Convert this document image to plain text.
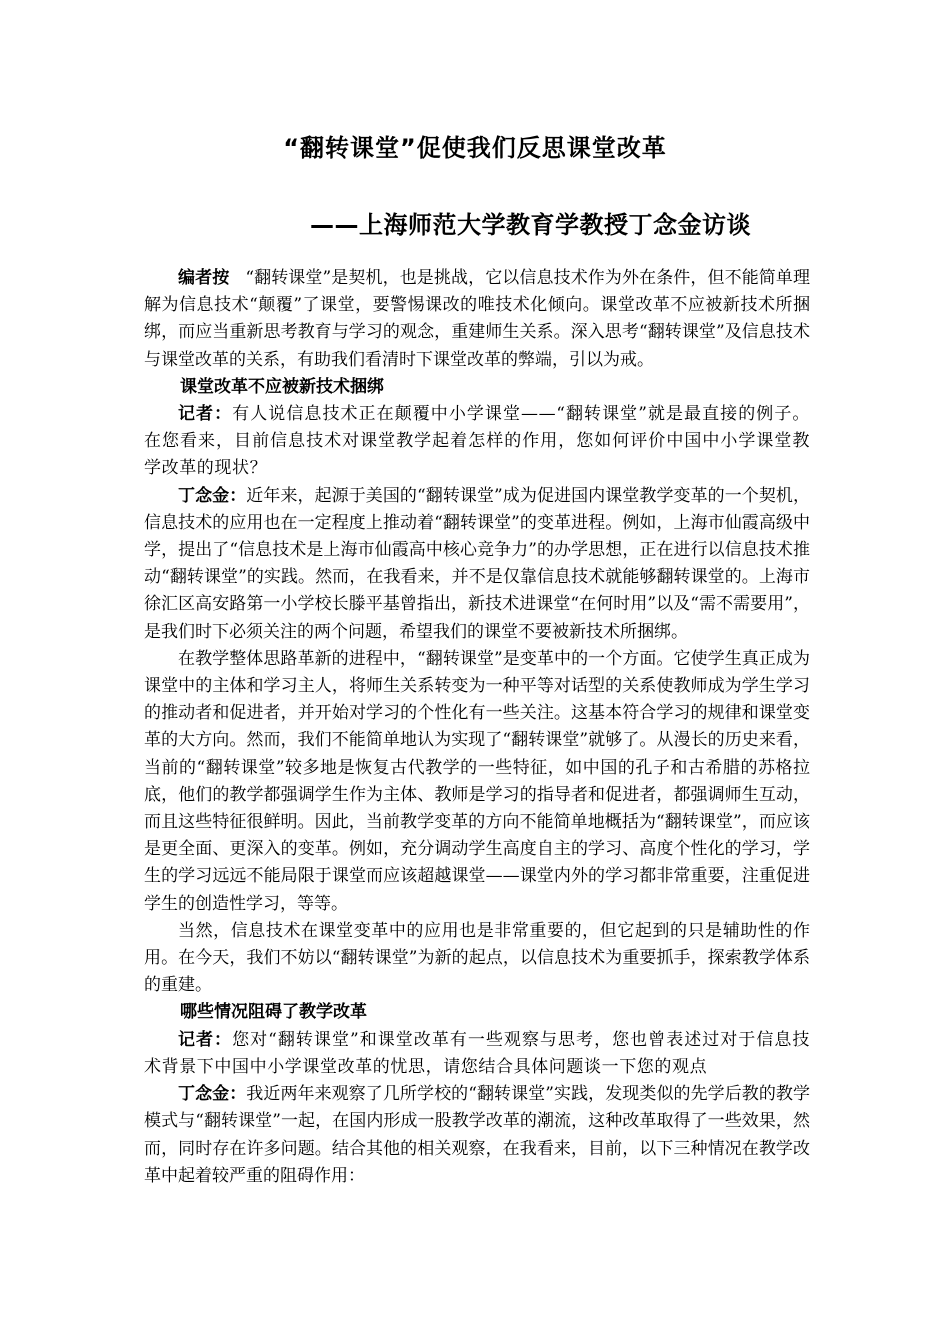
“翻转课堂”促使我们反思课堂改革
——上海师范大学教育学教授丁念金访谈

编者按 “翻转课堂”是契机，也是挑战，它以信息技术作为外在条件，但不能简单理解为信息技术“颠覆”了课堂，要警惕课改的唯技术化倾向。课堂改革不应被新技术所捆绑，而应当重新思考教育与学习的观念，重建师生关系。深入思考“翻转课堂”及信息技术与课堂改革的关系，有助我们看清时下课堂改革的弊端，引以为戒。

课堂改革不应被新技术捆绑

记者：有人说信息技术正在颠覆中小学课堂——“翻转课堂”就是最直接的例子。在您看来，目前信息技术对课堂教学起着怎样的作用，您如何评价中国中小学课堂教学改革的现状？

丁念金：近年来，起源于美国的“翻转课堂”成为促进国内课堂教学变革的一个契机，信息技术的应用也在一定程度上推动着“翻转课堂”的变革进程。例如，上海市仙霞高级中学，提出了“信息技术是上海市仙霞高中核心竞争力”的办学思想，正在进行以信息技术推动“翻转课堂”的实践。然而，在我看来，并不是仅靠信息技术就能够翻转课堂的。上海市徐汇区高安路第一小学校长滕平基曾指出，新技术进课堂“在何时用”以及“需不需要用”，是我们时下必须关注的两个问题，希望我们的课堂不要被新技术所捆绑。

在教学整体思路革新的进程中，“翻转课堂”是变革中的一个方面。它使学生真正成为课堂中的主体和学习主人，将师生关系转变为一种平等对话型的关系使教师成为学生学习的推动者和促进者，并开始对学习的个性化有一些关注。这基本符合学习的规律和课堂变革的大方向。然而，我们不能简单地认为实现了“翻转课堂”就够了。从漫长的历史来看，当前的“翻转课堂”较多地是恢复古代教学的一些特征，如中国的孔子和古希腊的苏格拉底，他们的教学都强调学生作为主体、教师是学习的指导者和促进者，都强调师生互动，而且这些特征很鲜明。因此，当前教学变革的方向不能简单地概括为“翻转课堂”，而应该是更全面、更深入的变革。例如，充分调动学生高度自主的学习、高度个性化的学习，学生的学习远远不能局限于课堂而应该超越课堂——课堂内外的学习都非常重要，注重促进学生的创造性学习，等等。

当然，信息技术在课堂变革中的应用也是非常重要的，但它起到的只是辅助性的作用。在今天，我们不妨以“翻转课堂”为新的起点，以信息技术为重要抓手，探索教学体系的重建。

哪些情况阻碍了教学改革

记者：您对“翻转课堂”和课堂改革有一些观察与思考，您也曾表述过对于信息技术背景下中国中小学课堂改革的忧思，请您结合具体问题谈一下您的观点

丁念金：我近两年来观察了几所学校的“翻转课堂”实践，发现类似的先学后教的教学模式与“翻转课堂”一起，在国内形成一股教学改革的潮流，这种改革取得了一些效果，然而，同时存在许多问题。结合其他的相关观察，在我看来，目前，以下三种情况在教学改革中起着较严重的阻碍作用：
